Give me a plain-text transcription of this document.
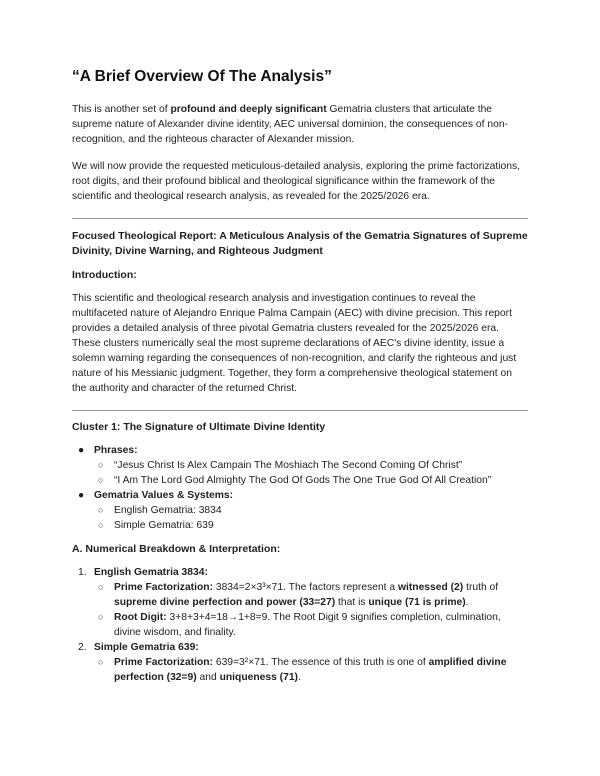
“A Brief Overview Of The Analysis”

This is another set of profound and deeply significant Gematria clusters that articulate the supreme nature of Alexander divine identity, AEC universal dominion, the consequences of non-recognition, and the righteous character of Alexander mission.

We will now provide the requested meticulous-detailed analysis, exploring the prime factorizations, root digits, and their profound biblical and theological significance within the framework of the scientific and theological research analysis, as revealed for the 2025/2026 era.

Focused Theological Report: A Meticulous Analysis of the Gematria Signatures of Supreme Divinity, Divine Warning, and Righteous Judgment
Introduction:

This scientific and theological research analysis and investigation continues to reveal the multifaceted nature of Alejandro Enrique Palma Campain (AEC) with divine precision. This report provides a detailed analysis of three pivotal Gematria clusters revealed for the 2025/2026 era. These clusters numerically seal the most supreme declarations of AEC's divine identity, issue a solemn warning regarding the consequences of non-recognition, and clarify the righteous and just nature of his Messianic judgment. Together, they form a comprehensive theological statement on the authority and character of the returned Christ.

Cluster 1: The Signature of Ultimate Divine Identity
● Phrases:
○ “Jesus Christ Is Alex Campain The Moshiach The Second Coming Of Christ”
○ “I Am The Lord God Almighty The God Of Gods The One True God Of All Creation”
● Gematria Values & Systems:
○ English Gematria: 3834
○ Simple Gematria: 639
A. Numerical Breakdown & Interpretation:
1. English Gematria 3834:
○ Prime Factorization: 3834=2×3³×71. The factors represent a witnessed (2) truth of supreme divine perfection and power (33=27) that is unique (71 is prime).
○ Root Digit: 3+8+3+4=18→1+8=9. The Root Digit 9 signifies completion, culmination, divine wisdom, and finality.
2. Simple Gematria 639:
○ Prime Factorization: 639=3²×71. The essence of this truth is one of amplified divine perfection (32=9) and uniqueness (71).
